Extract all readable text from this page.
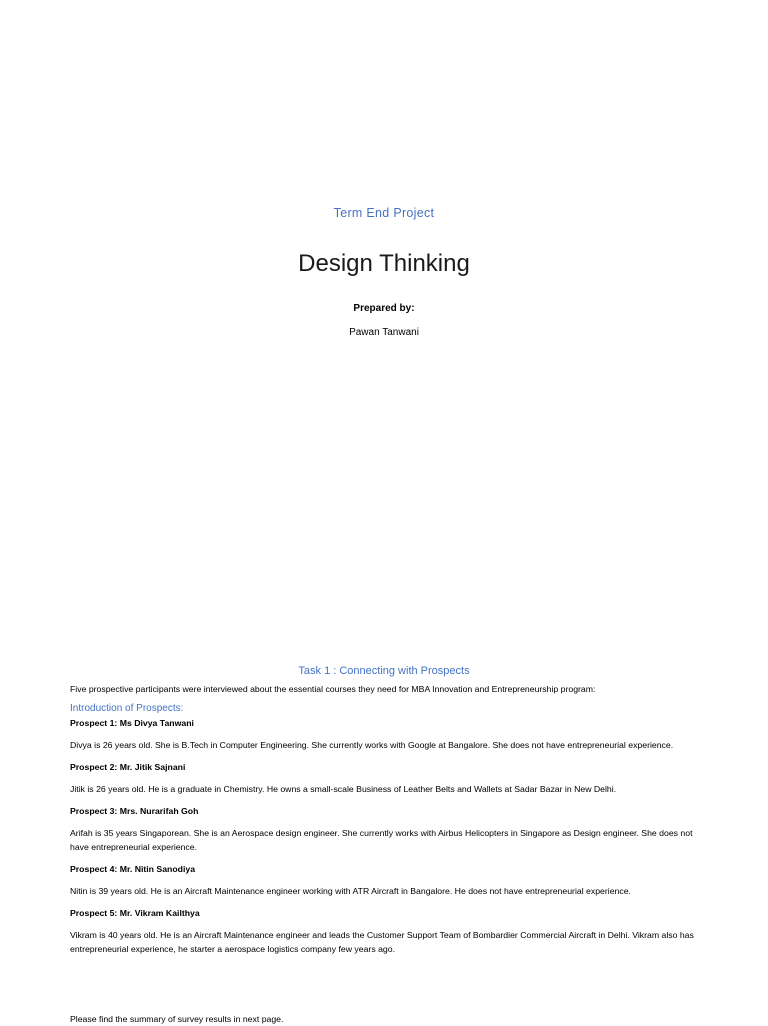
Term End Project
Design Thinking
Prepared by:
Pawan Tanwani
Task 1 : Connecting with Prospects

Five prospective participants were interviewed about the essential courses they need for MBA Innovation and Entrepreneurship program:

Introduction of Prospects:

Prospect 1: Ms Divya Tanwani

Divya is 26 years old. She is B.Tech in Computer Engineering. She currently works with Google at Bangalore. She does not have entrepreneurial experience.

Prospect 2: Mr. Jitik Sajnani

Jitik is 26 years old. He is a graduate in Chemistry. He owns a small-scale Business of Leather Belts and Wallets at Sadar Bazar in New Delhi.

Prospect 3: Mrs. Nurarifah Goh

Arifah is 35 years Singaporean. She is an Aerospace design engineer. She currently works with Airbus Helicopters in Singapore as Design engineer. She does not have entrepreneurial experience.

Prospect 4: Mr. Nitin Sanodiya

Nitin is 39 years old. He is an Aircraft Maintenance engineer working with ATR Aircraft in Bangalore. He does not have entrepreneurial experience.

Prospect 5: Mr. Vikram Kailthya

Vikram is 40 years old. He is an Aircraft Maintenance engineer and leads the Customer Support Team of Bombardier Commercial Aircraft in Delhi. Vikram also has entrepreneurial experience, he starter a aerospace logistics company few years ago.

Please find the summary of survey results in next page.
